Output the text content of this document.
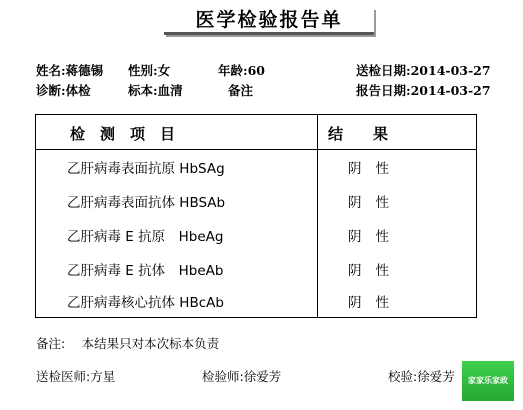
医学检验报告单
姓名:蒋德锡 性别:女	年龄:60	送检日期:2014-03-27
诊断:体检	标本:血清	备注	报告日期:2014-03-27
检　测　项　目	结　　果
乙肝病毒表面抗原 HbSAg	阴性
乙肝病毒表面抗体 HBSAb	阴性
乙肝病毒 E 抗原　HbeAg	阴性
乙肝病毒 E 抗体　HbeAb	阴性
乙肝病毒核心抗体 HBcAb	阴性
备注:　 本结果只对本次标本负责
送检医师:方星	检验师:徐爱芳	校验:徐爱芳	家家乐家政
